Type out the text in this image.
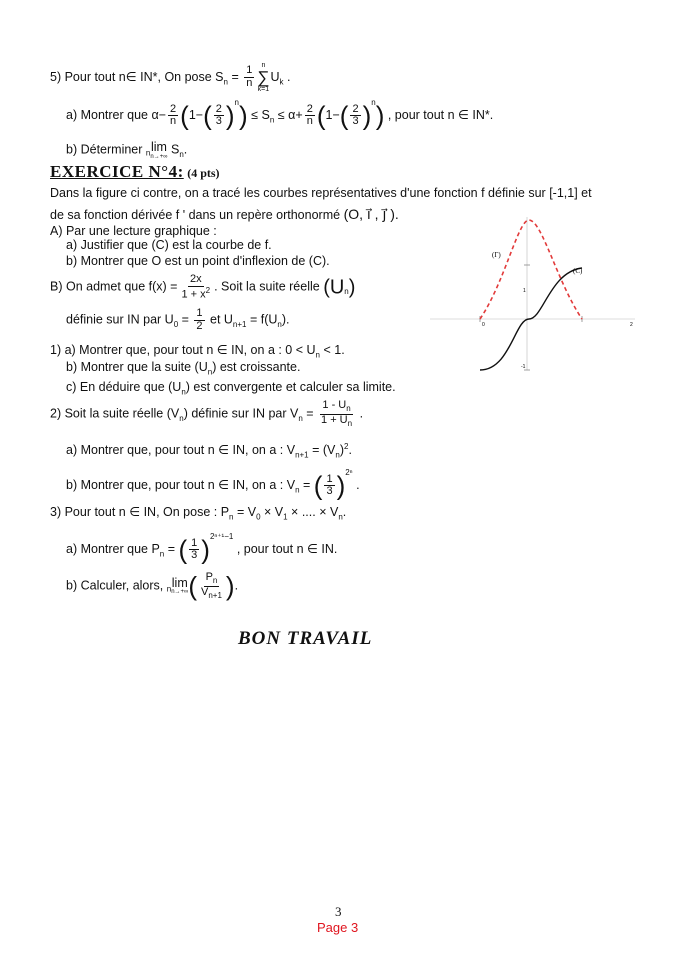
5) Pour tout n∈ IN*, On pose $S_n = \frac{1}{n}$ n
∑
k=1
$U_k$ .
a) Montrer que $\alpha- \frac{2}{n} (1-( \frac{2}{3} )^n) \le S_n \le \alpha+ \frac{2}{n} (1-( \frac{2}{3} )^n)$ , pour tout n ∈ IN*.
b) Déterminer $_n$ lim
n→+∞ $S_n$.
EXERCICE N°4: (4 pts)
Dans la figure ci contre, on a tracé les courbes représentatives d'une fonction f définie sur [-1,1] et
de sa fonction dérivée f ' dans un repère orthonormé (O, i⃗ , j⃗ ).
A) Par une lecture graphique :
a) Justifier que (C) est la courbe de f.
b) Montrer que O est un point d'inflexion de (C).
B) On admet que $f(x) = \frac{2x}{1 + x^2}$ . Soit la suite réelle $(U_n)$
définie sur IN par $U_0 = \frac{1}{2}$ et $U_{n+1} = f(U_n)$.
1) a) Montrer que, pour tout n ∈ IN, on a : $0 < U_n < 1$.
b) Montrer que la suite $(U_n)$ est croissante.
c) En déduire que $(U_n)$ est convergente et calculer sa limite.
2) Soit la suite réelle $(V_n)$ définie sur IN par $V_n = \frac{1 - U_n}{1 + U_n}$ .
a) Montrer que, pour tout n ∈ IN, on a : $V_{n+1} = (V_n)^2$.
b) Montrer que, pour tout n ∈ IN, on a : $V_n$ = ( $\frac{1}{3} )^{2^n}$ .
3) Pour tout n ∈ IN, On pose : $P_n = V_0 \times V_1$ × .... × $V_n$.
a) Montrer que $P_n$ = ( $\frac{1}{3} )^{2^{n+1}-1}$ , pour tout n ∈ IN.
b) Calculer, alors, $_n$ lim
n→+∞ ( $\frac{P_n}{V_{n+1}}$ ).
(Γ)
(C)
1
-1
0	2
BON TRAVAIL
3
Page 3
